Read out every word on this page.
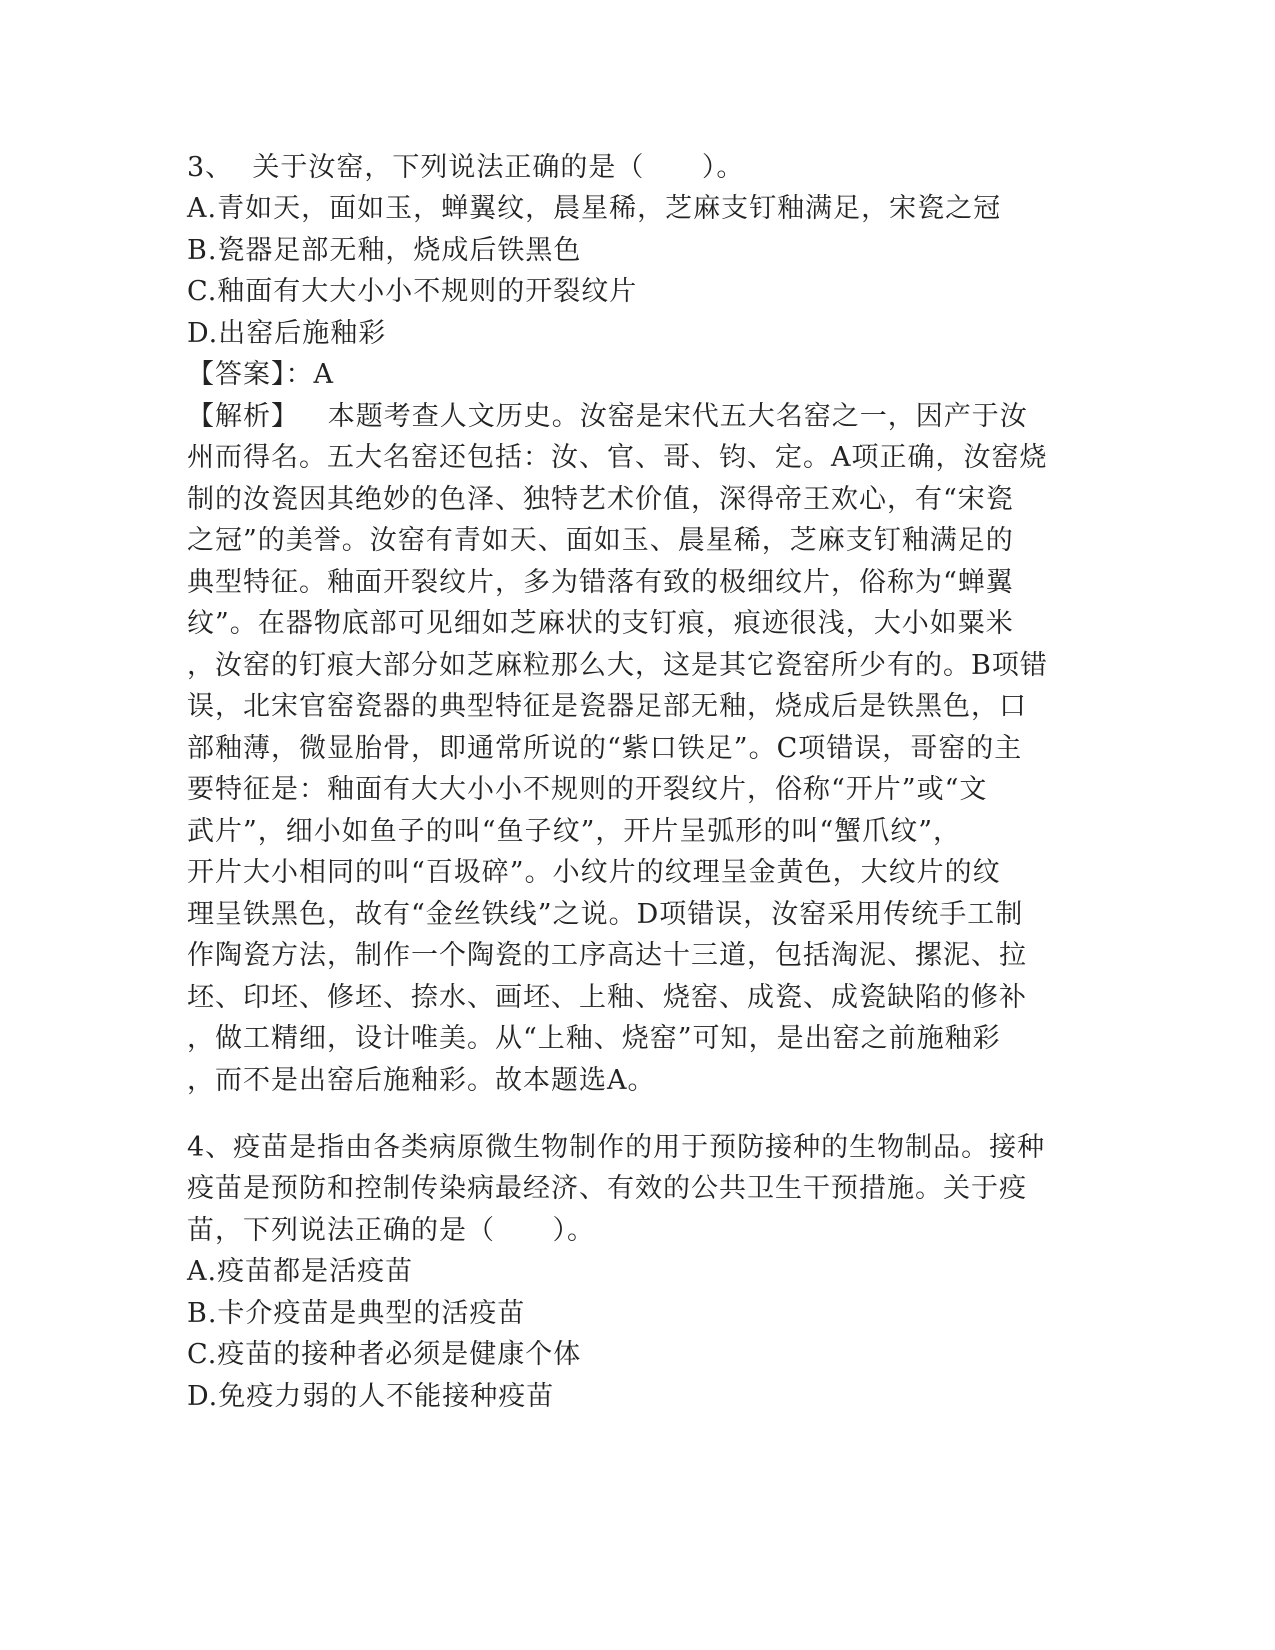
3、  关于汝窑，下列说法正确的是（      ）。
A.青如天，面如玉，蝉翼纹，晨星稀，芝麻支钉釉满足，宋瓷之冠
B.瓷器足部无釉，烧成后铁黑色
C.釉面有大大小小不规则的开裂纹片
D.出窑后施釉彩
【答案】：A
【解析】   本题考查人文历史。汝窑是宋代五大名窑之一，因产于汝
州而得名。五大名窑还包括：汝、官、哥、钧、定。A项正确，汝窑烧
制的汝瓷因其绝妙的色泽、独特艺术价值，深得帝王欢心，有“宋瓷
之冠”的美誉。汝窑有青如天、面如玉、晨星稀，芝麻支钉釉满足的
典型特征。釉面开裂纹片，多为错落有致的极细纹片，俗称为“蝉翼
纹”。在器物底部可见细如芝麻状的支钉痕，痕迹很浅，大小如粟米
，汝窑的钉痕大部分如芝麻粒那么大，这是其它瓷窑所少有的。B项错
误，北宋官窑瓷器的典型特征是瓷器足部无釉，烧成后是铁黑色，口
部釉薄，微显胎骨，即通常所说的“紫口铁足”。C项错误，哥窑的主
要特征是：釉面有大大小小不规则的开裂纹片，俗称“开片”或“文
武片”，细小如鱼子的叫“鱼子纹”，开片呈弧形的叫“蟹爪纹”，
开片大小相同的叫“百圾碎”。小纹片的纹理呈金黄色，大纹片的纹
理呈铁黑色，故有“金丝铁线”之说。D项错误，汝窑采用传统手工制
作陶瓷方法，制作一个陶瓷的工序高达十三道，包括淘泥、摞泥、拉
坯、印坯、修坯、捺水、画坯、上釉、烧窑、成瓷、成瓷缺陷的修补
，做工精细，设计唯美。从“上釉、烧窑”可知，是出窑之前施釉彩
，而不是出窑后施釉彩。故本题选A。
4、疫苗是指由各类病原微生物制作的用于预防接种的生物制品。接种
疫苗是预防和控制传染病最经济、有效的公共卫生干预措施。关于疫
苗，下列说法正确的是（      ）。
A.疫苗都是活疫苗
B.卡介疫苗是典型的活疫苗
C.疫苗的接种者必须是健康个体
D.免疫力弱的人不能接种疫苗
